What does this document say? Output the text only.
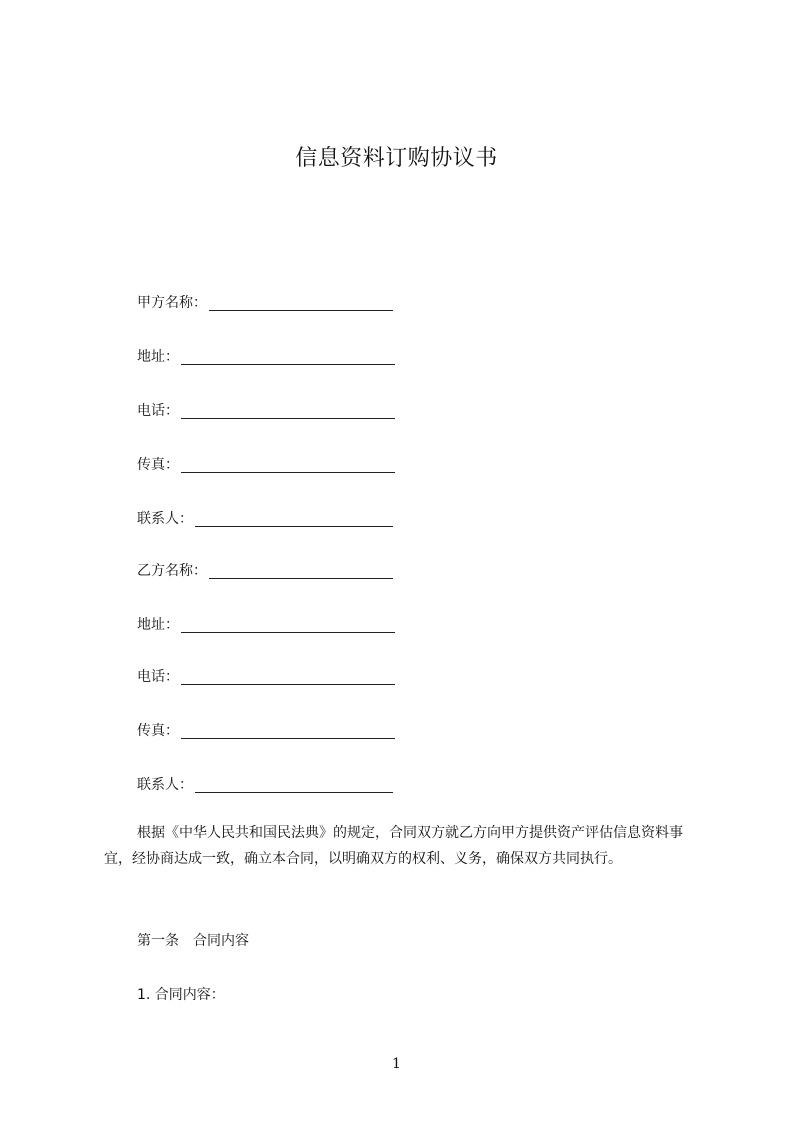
信息资料订购协议书
甲方名称：
地址：
电话：
传真：
联系人：
乙方名称：
地址：
电话：
传真：
联系人：
根据《中华人民共和国民法典》的规定，合同双方就乙方向甲方提供资产评估信息资料事宜，经协商达成一致，确立本合同，以明确双方的权利、义务，确保双方共同执行。
第一条 合同内容
1. 合同内容：
1
